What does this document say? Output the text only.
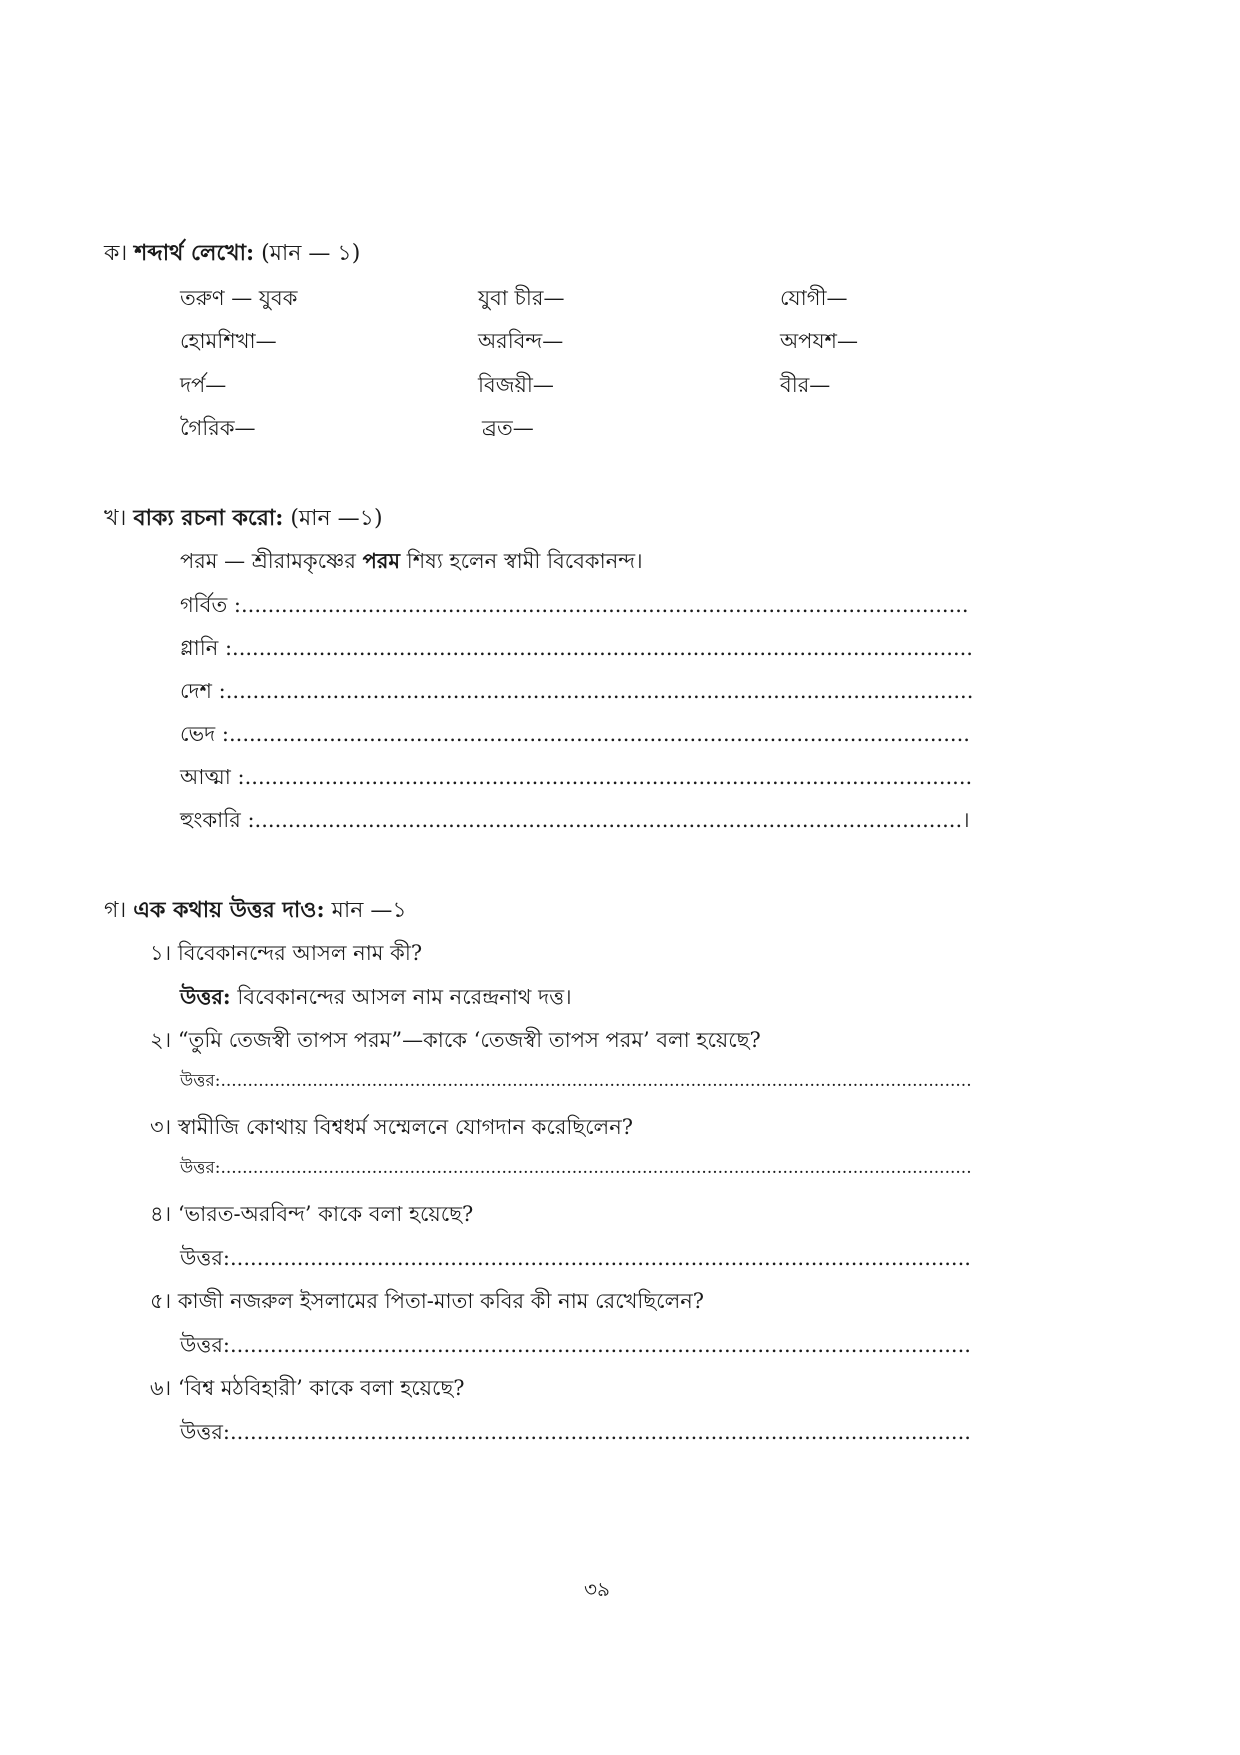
ক। শব্দার্থ লেখো: (মান — ১)
তরুণ — যুবক	যুবা চীর—	যোগী—
হোমশিখা—	অরবিন্দ—	অপযশ—
দর্প—	বিজয়ী—	বীর—
গৈরিক—	ব্রত—
খ। বাক্য রচনা করো: (মান —১)
পরম — শ্রীরামকৃষ্ণের পরম শিষ্য হলেন স্বামী বিবেকানন্দ।
গর্বিত :.............................................................................................................
গ্লানি :...............................................................................................................
দেশ :................................................................................................................
ভেদ :...............................................................................................................
আত্মা :.............................................................................................................
হুংকারি :..........................................................................................................।
গ। এক কথায় উত্তর দাও: মান —১
১। বিবেকানন্দের আসল নাম কী?
উত্তর: বিবেকানন্দের আসল নাম নরেন্দ্রনাথ দত্ত।
২। “তুমি তেজস্বী তাপস পরম”—কাকে ‘তেজস্বী তাপস পরম’ বলা হয়েছে?
উত্তর:...........................................................................................................................................
৩। স্বামীজি কোথায় বিশ্বধর্ম সম্মেলনে যোগদান করেছিলেন?
উত্তর:...........................................................................................................................................
৪। ‘ভারত-অরবিন্দ’ কাকে বলা হয়েছে?
উত্তর:...............................................................................................................
৫। কাজী নজরুল ইসলামের পিতা-মাতা কবির কী নাম রেখেছিলেন?
উত্তর:...............................................................................................................
৬। ‘বিশ্ব মঠবিহারী’ কাকে বলা হয়েছে?
উত্তর:...............................................................................................................
৩৯
